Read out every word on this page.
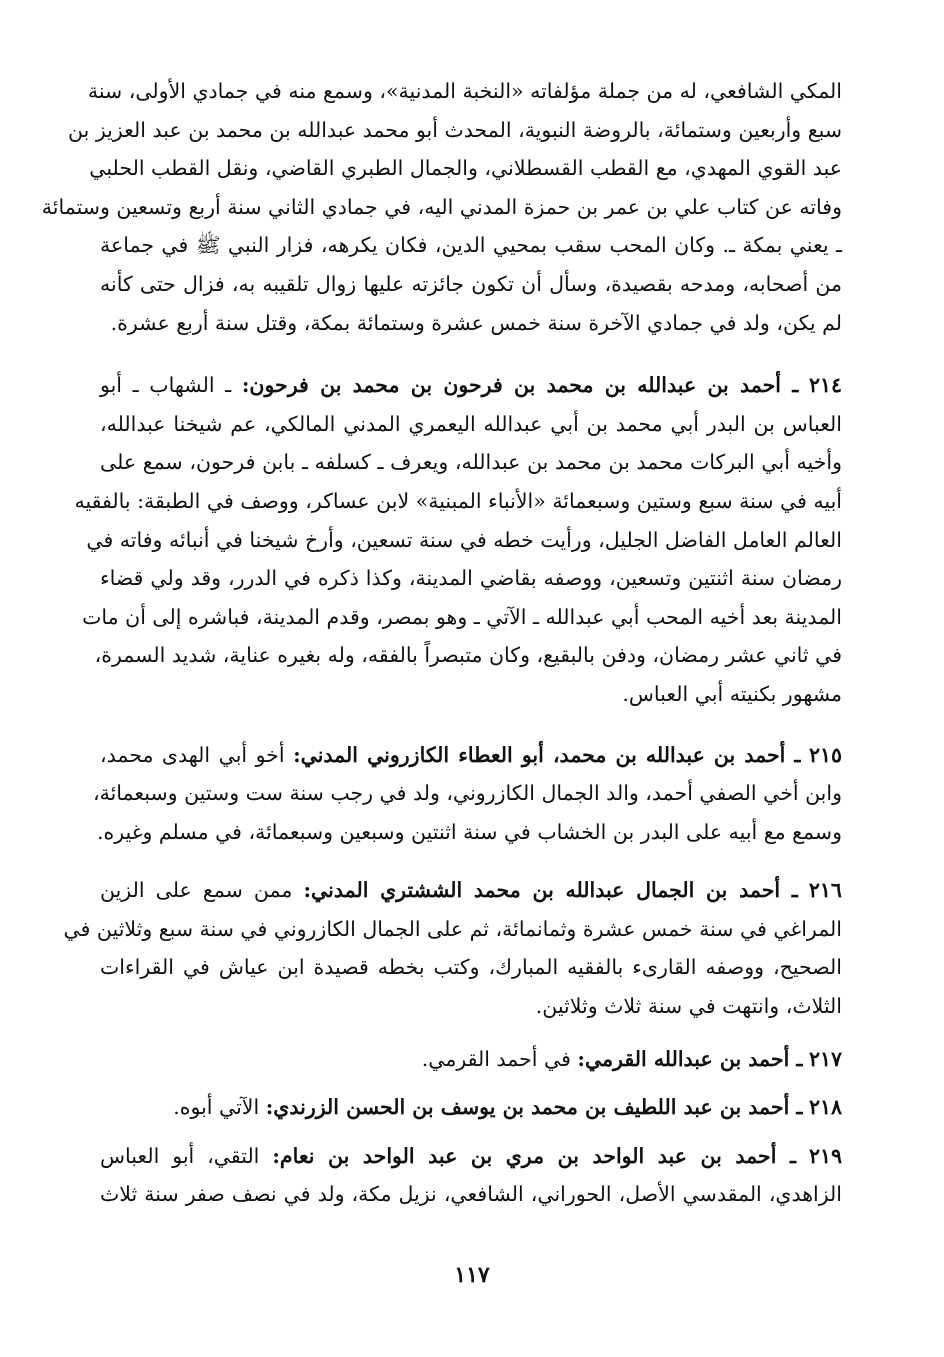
المكي الشافعي، له من جملة مؤلفاته «النخبة المدنية»، وسمع منه في جمادي الأولى، سنة
سبع وأربعين وستمائة، بالروضة النبوية، المحدث أبو محمد عبدالله بن محمد بن عبد العزيز بن
عبد القوي المهدي، مع القطب القسطلاني، والجمال الطبري القاضي، ونقل القطب الحلبي
وفاته عن كتاب علي بن عمر بن حمزة المدني اليه، في جمادي الثاني سنة أربع وتسعين وستمائة
ـ يعني بمكة ـ. وكان المحب سقب بمحيي الدين، فكان يكرهه، فزار النبي ﷺ في جماعة
من أصحابه، ومدحه بقصيدة، وسأل أن تكون جائزته عليها زوال تلقيبه به، فزال حتى كأنه
لم يكن، ولد في جمادي الآخرة سنة خمس عشرة وستمائة بمكة، وقتل سنة أربع عشرة.

٢١٤ ـ أحمد بن عبدالله بن محمد بن فرحون بن محمد بن فرحون: ـ الشهاب ـ أبو
العباس بن البدر أبي محمد بن أبي عبدالله اليعمري المدني المالكي، عم شيخنا عبدالله،
وأخيه أبي البركات محمد بن محمد بن عبدالله، ويعرف ـ كسلفه ـ بابن فرحون، سمع على
أبيه في سنة سبع وستين وسبعمائة «الأنباء المبنية» لابن عساكر، ووصف في الطبقة: بالفقيه
العالم العامل الفاضل الجليل، ورأيت خطه في سنة تسعين، وأرخ شيخنا في أنبائه وفاته في
رمضان سنة اثنتين وتسعين، ووصفه بقاضي المدينة، وكذا ذكره في الدرر، وقد ولي قضاء
المدينة بعد أخيه المحب أبي عبدالله ـ الآتي ـ وهو بمصر، وقدم المدينة، فباشره إلى أن مات
في ثاني عشر رمضان، ودفن بالبقيع، وكان متبصراً بالفقه، وله بغيره عناية، شديد السمرة،
مشهور بكنيته أبي العباس.

٢١٥ ـ أحمد بن عبدالله بن محمد، أبو العطاء الكازروني المدني: أخو أبي الهدى محمد،
وابن أخي الصفي أحمد، والد الجمال الكازروني، ولد في رجب سنة ست وستين وسبعمائة،
وسمع مع أبيه على البدر بن الخشاب في سنة اثنتين وسبعين وسبعمائة، في مسلم وغيره.

٢١٦ ـ أحمد بن الجمال عبدالله بن محمد الششتري المدني: ممن سمع على الزين
المراغي في سنة خمس عشرة وثمانمائة، ثم على الجمال الكازروني في سنة سبع وثلاثين في
الصحيح، ووصفه القارىء بالفقيه المبارك، وكتب بخطه قصيدة ابن عياش في القراءات
الثلاث، وانتهت في سنة ثلاث وثلاثين.

٢١٧ ـ أحمد بن عبدالله القرمي: في أحمد القرمي.

٢١٨ ـ أحمد بن عبد اللطيف بن محمد بن يوسف بن الحسن الزرندي: الآتي أبوه.

٢١٩ ـ أحمد بن عبد الواحد بن مري بن عبد الواحد بن نعام: التقي، أبو العباس
الزاهدي، المقدسي الأصل، الحوراني، الشافعي، نزيل مكة، ولد في نصف صفر سنة ثلاث

١١٧
